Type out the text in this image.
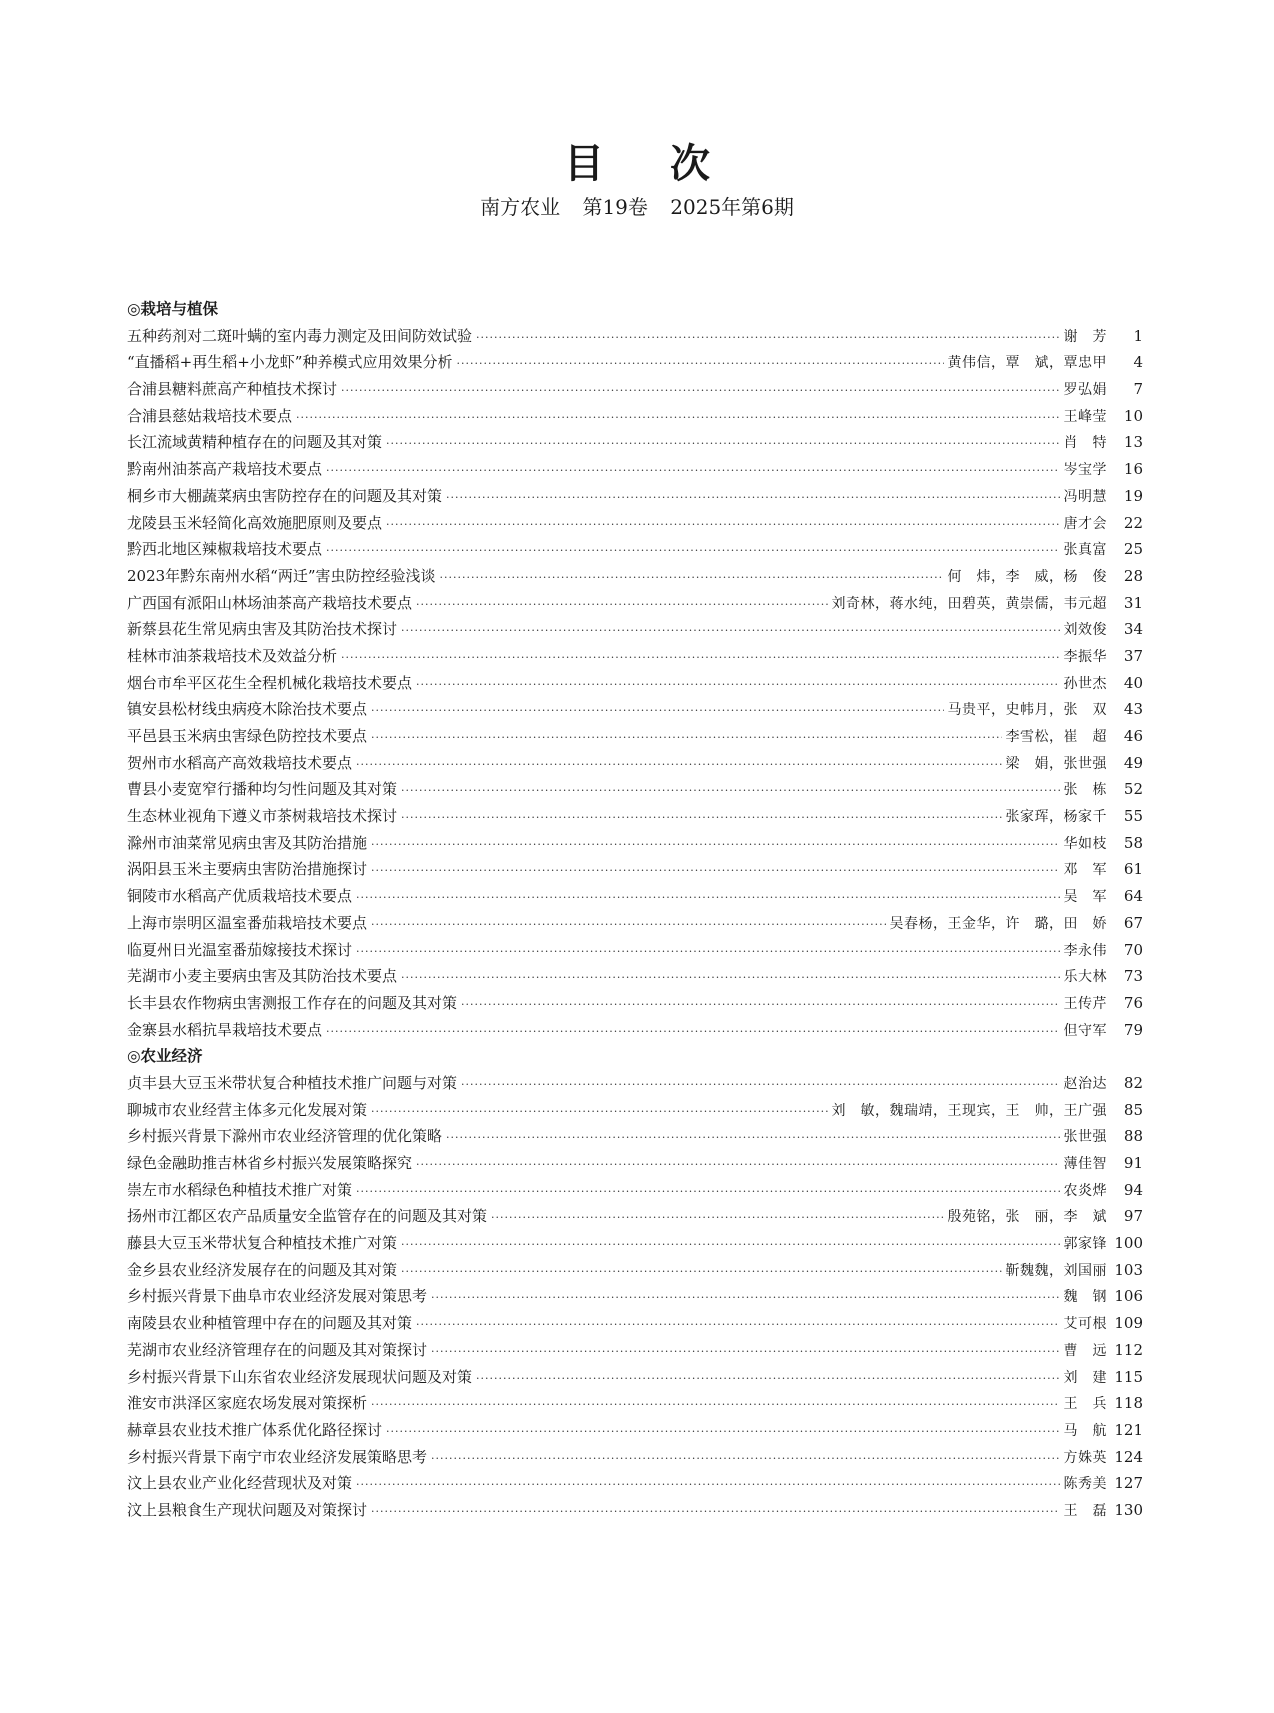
目 次
南方农业 第19卷 2025年第6期
◎栽培与植保
五种药剂对二斑叶螨的室内毒力测定及田间防效试验 ·····	谢　芳	1
“直播稻+再生稻+小龙虾”种养模式应用效果分析 ·····	黄伟信，覃　斌，覃忠甲	4
合浦县糖料蔗高产种植技术探讨 ·····	罗弘娟	7
合浦县慈姑栽培技术要点 ·····	王峰莹	10
长江流域黄精种植存在的问题及其对策 ·····	肖　特	13
黔南州油茶高产栽培技术要点 ·····	岑宝学	16
桐乡市大棚蔬菜病虫害防控存在的问题及其对策 ·····	冯明慧	19
龙陵县玉米轻简化高效施肥原则及要点 ·····	唐才会	22
黔西北地区辣椒栽培技术要点 ·····	张真富	25
2023年黔东南州水稻“两迁”害虫防控经验浅谈 ·····	何　炜，李　威，杨　俊	28
广西国有派阳山林场油茶高产栽培技术要点 ·····	刘奇林，蒋水纯，田碧英，黄崇儒，韦元超	31
新蔡县花生常见病虫害及其防治技术探讨 ·····	刘效俊	34
桂林市油茶栽培技术及效益分析 ·····	李振华	37
烟台市牟平区花生全程机械化栽培技术要点 ·····	孙世杰	40
镇安县松材线虫病疫木除治技术要点 ·····	马贵平，史帏月，张　双	43
平邑县玉米病虫害绿色防控技术要点 ·····	李雪松，崔　超	46
贺州市水稻高产高效栽培技术要点 ·····	梁　娟，张世强	49
曹县小麦宽窄行播种均匀性问题及其对策 ·····	张　栋	52
生态林业视角下遵义市茶树栽培技术探讨 ·····	张家珲，杨家千	55
滁州市油菜常见病虫害及其防治措施 ·····	华如枝	58
涡阳县玉米主要病虫害防治措施探讨 ·····	邓　军	61
铜陵市水稻高产优质栽培技术要点 ·····	吴　军	64
上海市崇明区温室番茄栽培技术要点 ·····	吴春杨，王金华，许　璐，田　娇	67
临夏州日光温室番茄嫁接技术探讨 ·····	李永伟	70
芜湖市小麦主要病虫害及其防治技术要点 ·····	乐大林	73
长丰县农作物病虫害测报工作存在的问题及其对策 ·····	王传芹	76
金寨县水稻抗旱栽培技术要点 ·····	但守军	79
◎农业经济
贞丰县大豆玉米带状复合种植技术推广问题与对策 ·····	赵治达	82
聊城市农业经营主体多元化发展对策 ·····	刘　敏，魏瑞靖，王现宾，王　帅，王广强	85
乡村振兴背景下滁州市农业经济管理的优化策略 ·····	张世强	88
绿色金融助推吉林省乡村振兴发展策略探究 ·····	薄佳智	91
崇左市水稻绿色种植技术推广对策 ·····	农炎烨	94
扬州市江都区农产品质量安全监管存在的问题及其对策 ·····	殷苑铭，张　丽，李　斌	97
藤县大豆玉米带状复合种植技术推广对策 ·····	郭家锋 100
金乡县农业经济发展存在的问题及其对策 ·····	靳魏魏，刘国丽 103
乡村振兴背景下曲阜市农业经济发展对策思考 ·····	魏　钢 106
南陵县农业种植管理中存在的问题及其对策 ·····	艾可根 109
芜湖市农业经济管理存在的问题及其对策探讨 ·····	曹　远 112
乡村振兴背景下山东省农业经济发展现状问题及对策 ·····	刘　建 115
淮安市洪泽区家庭农场发展对策探析 ·····	王　兵 118
赫章县农业技术推广体系优化路径探讨 ·····	马　航 121
乡村振兴背景下南宁市农业经济发展策略思考 ·····	方姝英 124
汶上县农业产业化经营现状及对策 ·····	陈秀美 127
汶上县粮食生产现状问题及对策探讨 ·····	王　磊 130
